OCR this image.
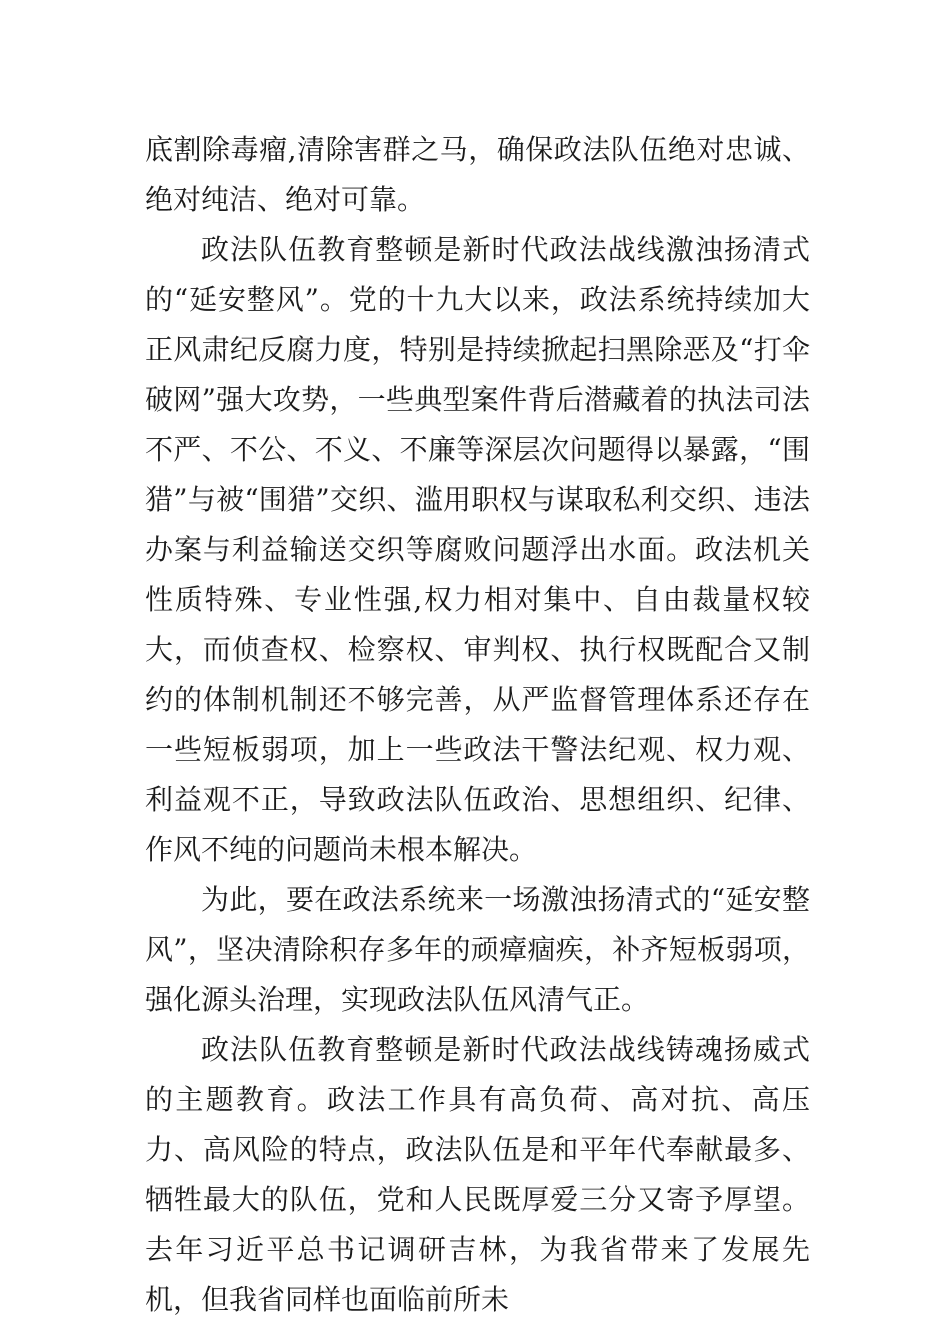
底割除毒瘤,清除害群之马，确保政法队伍绝对忠诚、绝对纯洁、绝对可靠。

政法队伍教育整顿是新时代政法战线激浊扬清式的“延安整风”。党的十九大以来，政法系统持续加大正风肃纪反腐力度，特别是持续掀起扫黑除恶及“打伞破网”强大攻势，一些典型案件背后潜藏着的执法司法不严、不公、不义、不廉等深层次问题得以暴露，“围猎”与被“围猎”交织、滥用职权与谋取私利交织、违法办案与利益输送交织等腐败问题浮出水面。政法机关性质特殊、专业性强,权力相对集中、自由裁量权较大，而侦查权、检察权、审判权、执行权既配合又制约的体制机制还不够完善，从严监督管理体系还存在一些短板弱项，加上一些政法干警法纪观、权力观、利益观不正，导致政法队伍政治、思想组织、纪律、作风不纯的问题尚未根本解决。

为此，要在政法系统来一场激浊扬清式的“延安整风”，坚决清除积存多年的顽瘴痼疾，补齐短板弱项，强化源头治理，实现政法队伍风清气正。

政法队伍教育整顿是新时代政法战线铸魂扬威式的主题教育。政法工作具有高负荷、高对抗、高压力、高风险的特点，政法队伍是和平年代奉献最多、牺牲最大的队伍，党和人民既厚爱三分又寄予厚望。去年习近平总书记调研吉林，为我省带来了发展先机，但我省同样也面临前所未
